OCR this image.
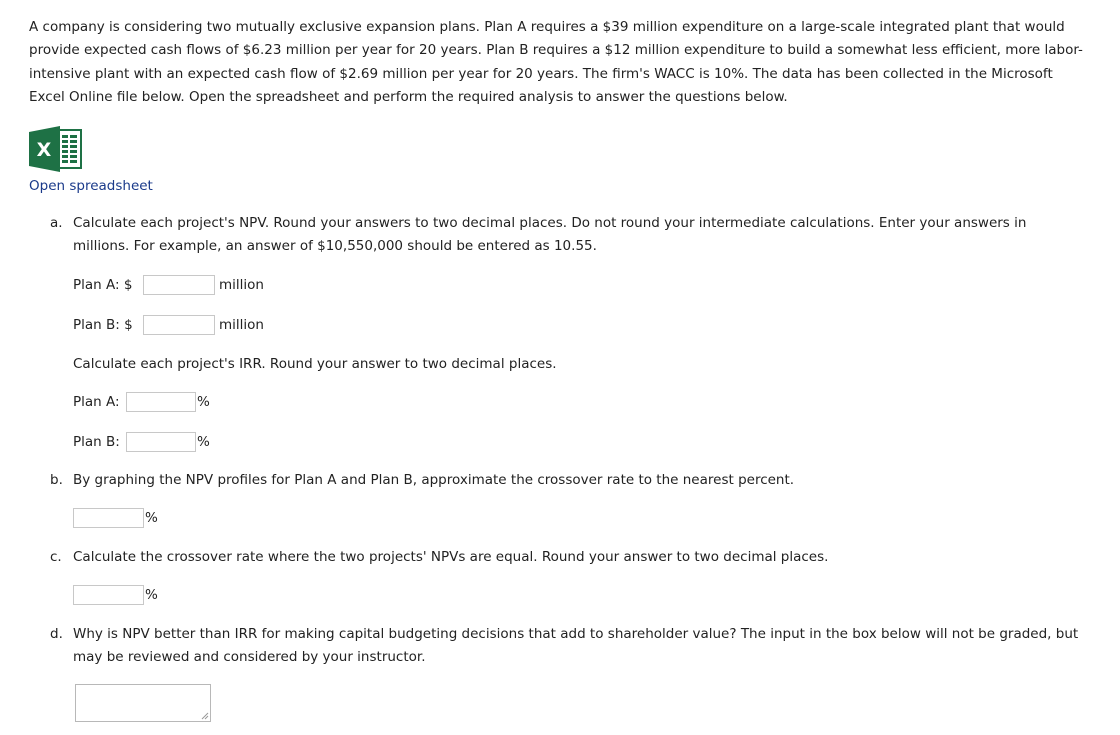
A company is considering two mutually exclusive expansion plans. Plan A requires a $39 million expenditure on a large-scale integrated plant that would provide expected cash flows of $6.23 million per year for 20 years. Plan B requires a $12 million expenditure to build a somewhat less efficient, more labor-intensive plant with an expected cash flow of $2.69 million per year for 20 years. The firm's WACC is 10%. The data has been collected in the Microsoft Excel Online file below. Open the spreadsheet and perform the required analysis to answer the questions below.
X
Open spreadsheet
a. Calculate each project's NPV. Round your answers to two decimal places. Do not round your intermediate calculations. Enter your answers in millions. For example, an answer of $10,550,000 should be entered as 10.55.
Plan A: $	million
Plan B: $	million
Calculate each project's IRR. Round your answer to two decimal places.
Plan A:	%
Plan B:	%
b. By graphing the NPV profiles for Plan A and Plan B, approximate the crossover rate to the nearest percent.
%
c. Calculate the crossover rate where the two projects' NPVs are equal. Round your answer to two decimal places.
%
d. Why is NPV better than IRR for making capital budgeting decisions that add to shareholder value? The input in the box below will not be graded, but may be reviewed and considered by your instructor.
